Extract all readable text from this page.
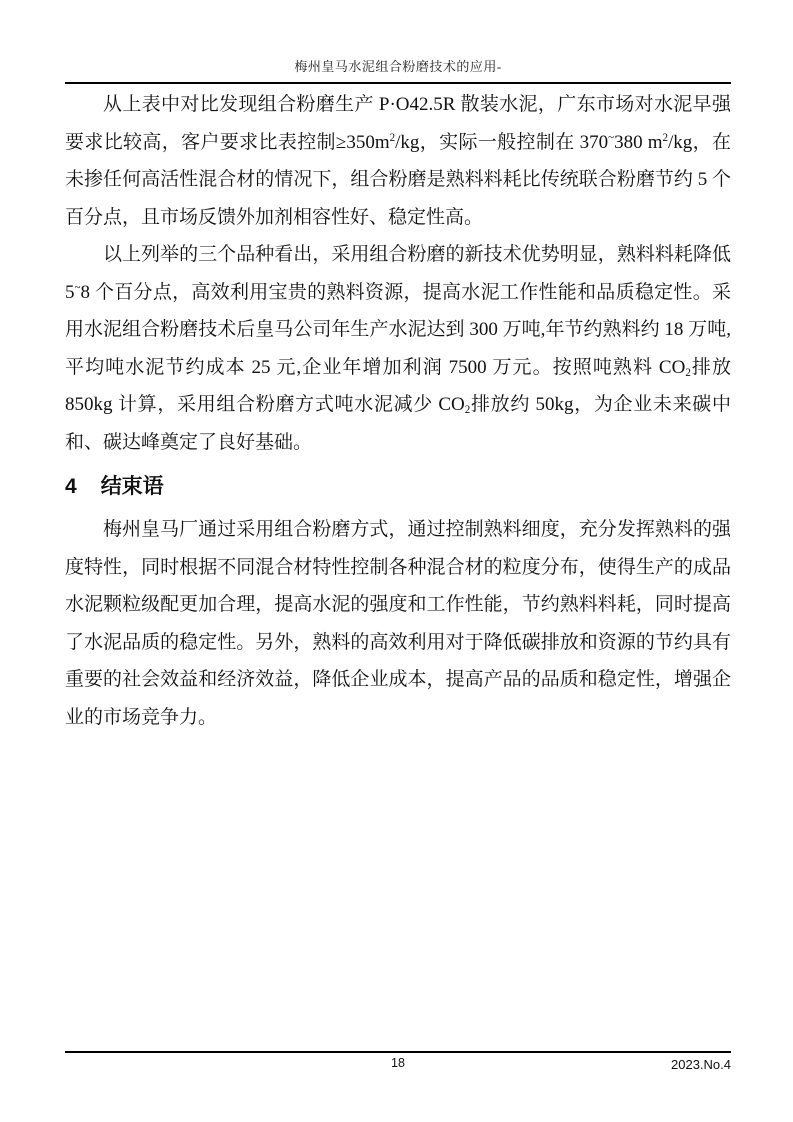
梅州皇马水泥组合粉磨技术的应用-

从上表中对比发现组合粉磨生产 P·O42.5R 散装水泥，广东市场对水泥早强要求比较高，客户要求比表控制$\ge 350m^2/kg$，实际一般控制在 370~380 $m^2/kg$，在未掺任何高活性混合材的情况下，组合粉磨是熟料料耗比传统联合粉磨节约 5 个百分点，且市场反馈外加剂相容性好、稳定性高。

以上列举的三个品种看出，采用组合粉磨的新技术优势明显，熟料料耗降低5~8 个百分点，高效利用宝贵的熟料资源，提高水泥工作性能和品质稳定性。采用水泥组合粉磨技术后皇马公司年生产水泥达到 300 万吨,年节约熟料约 18 万吨,平均吨水泥节约成本 25 元,企业年增加利润 7500 万元。按照吨熟料 $CO_2$排放 850kg 计算，采用组合粉磨方式吨水泥减少 $CO_2$排放约 50kg，为企业未来碳中和、碳达峰奠定了良好基础。

4 结束语

梅州皇马厂通过采用组合粉磨方式，通过控制熟料细度，充分发挥熟料的强度特性，同时根据不同混合材特性控制各种混合材的粒度分布，使得生产的成品水泥颗粒级配更加合理，提高水泥的强度和工作性能，节约熟料料耗，同时提高了水泥品质的稳定性。另外，熟料的高效利用对于降低碳排放和资源的节约具有重要的社会效益和经济效益，降低企业成本，提高产品的品质和稳定性，增强企业的市场竞争力。

18	2023.No.4
